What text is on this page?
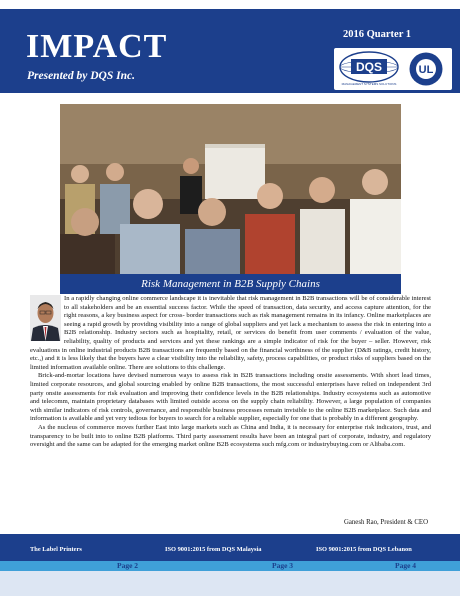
IMPACT
Presented by DQS Inc.
2016 Quarter 1
DQS
MANAGEMENT SYSTEMS SOLUTIONS
UL
Risk Management in B2B Supply Chains

In a rapidly changing online commerce landscape it is inevitable that risk management in B2B transactions will be of considerable interest to all stakeholders and be an essential success factor. While the speed of transaction, data security, and access capture attention, for the right reasons, a key business aspect for cross- border transactions such as risk management remains in its infancy. Online marketplaces are seeing a rapid growth by providing visibility into a range of global suppliers and yet lack a mechanism to assess the risk in entering into a B2B relationship. Industry sectors such as hospitality, retail, or services do benefit from user comments / evaluation of the value, reliability, quality of products and services and yet these rankings are a simple indicator of risk for the buyer – seller. However, risk evaluations in online industrial products B2B transactions are frequently based on the financial worthiness of the supplier (D&B ratings, credit history, etc.,) and it is less likely that the buyers have a clear visibility into the reliability, safety, process capabilities, or product risks of suppliers based on the limited information available online. There are solutions to this challenge.

Brick-and-mortar locations have devised numerous ways to assess risk in B2B transactions including onsite assessments. With short lead times, limited corporate resources, and global sourcing enabled by online B2B transactions, the most successful enterprises have relied on independent 3rd party onsite assessments for risk evaluation and improving their confidence levels in the B2B relationships. Industry ecosystems such as automotive and telecomm, maintain proprietary databases with limited outside access on the supply chain reliability. However, a large population of companies with similar indicators of risk controls, governance, and responsible business processes remain invisible to the online B2B marketplace. Such data and information is available and yet very tedious for buyers to search for a reliable supplier, especially for one that is probably in a different geography.

As the nucleus of commerce moves further East into large markets such as China and India, it is necessary for enterprise risk indicators, trust, and transparency to be built into to online B2B platforms. Third party assessment results have been an integral part of corporate, industry, and regulatory oversight and the same can be adapted for the emerging market online B2B ecosystems such mfg.com or industrybuying.com or Alibaba.com.

Ganesh Rao, President & CEO
The Label Printers	ISO 9001:2015 from DQS Malaysia	ISO 9001:2015 from DQS Lebanon
Page 2	Page 3	Page 4
